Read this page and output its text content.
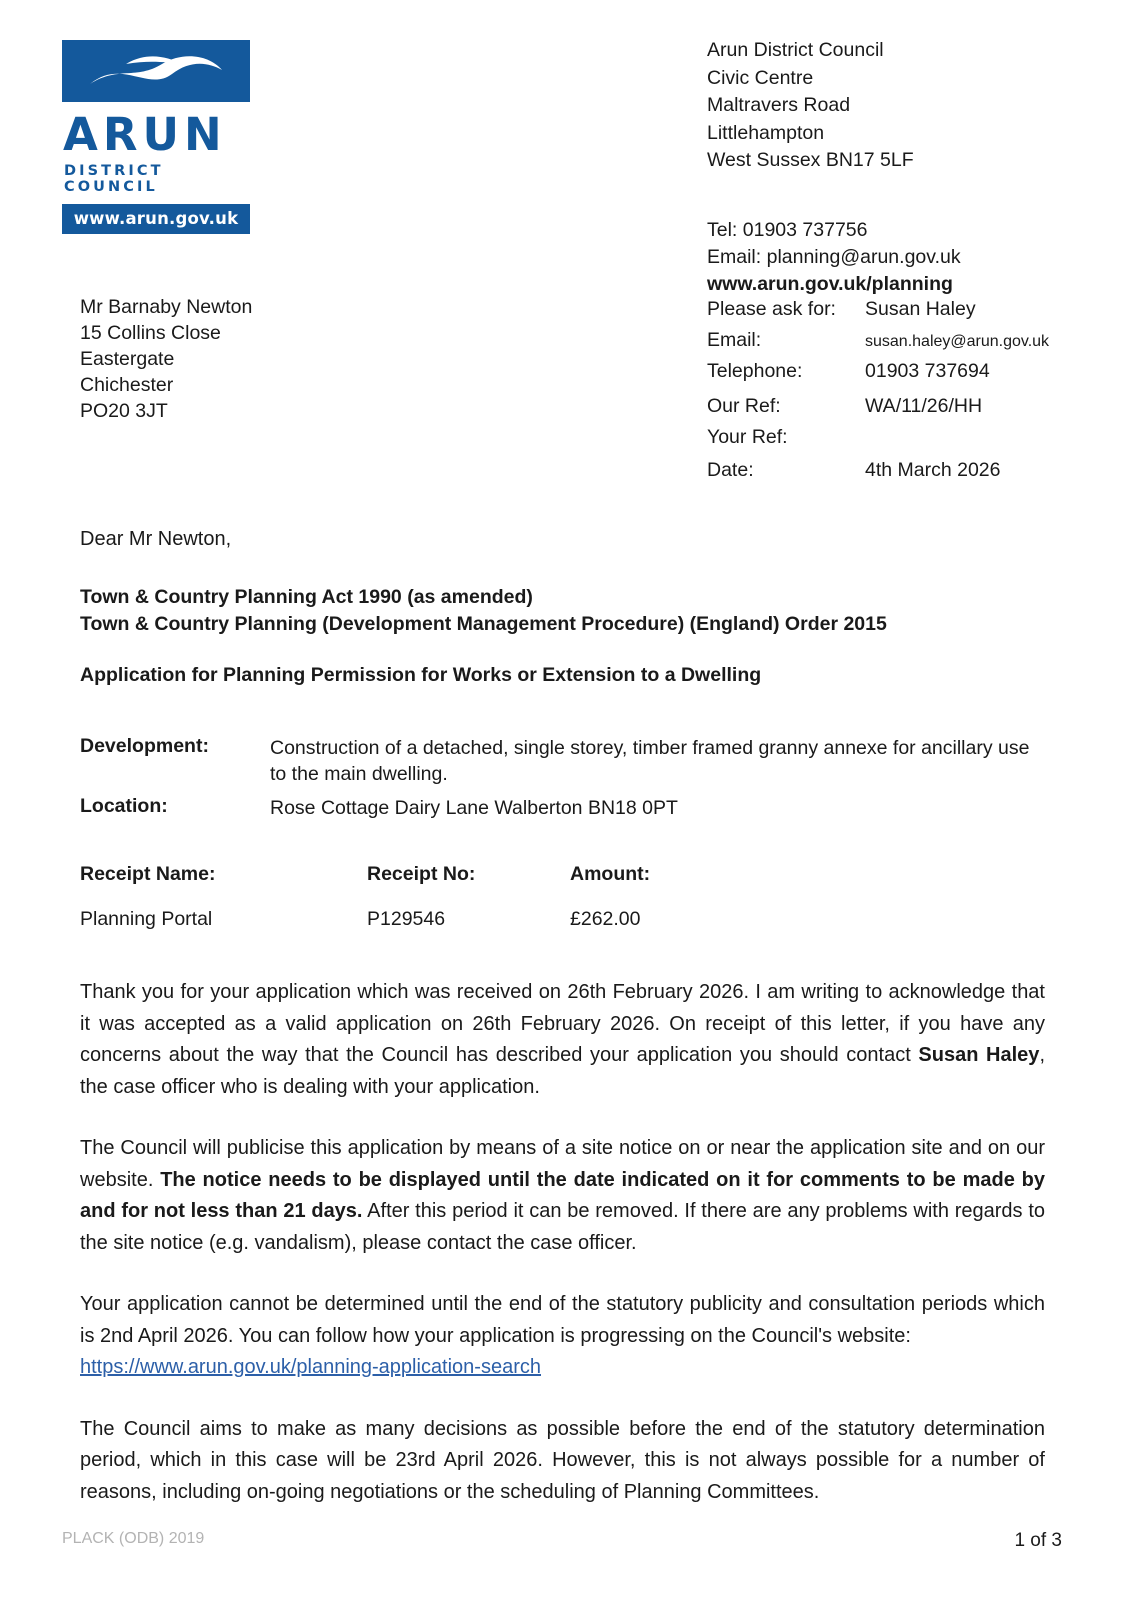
ARUN
DISTRICT COUNCIL
www.arun.gov.uk
Mr Barnaby Newton
15 Collins Close
Eastergate
Chichester
PO20 3JT
Arun District Council
Civic Centre
Maltravers Road
Littlehampton
West Sussex BN17 5LF
Tel: 01903 737756
Email: planning@arun.gov.uk
www.arun.gov.uk/planning
Please ask for:	Susan Haley
Email:	susan.haley@arun.gov.uk
Telephone:	01903 737694
Our Ref:	WA/11/26/HH
Your Ref:
Date:	4th March 2026
Dear Mr Newton,
Town & Country Planning Act 1990 (as amended)
Town & Country Planning (Development Management Procedure) (England) Order 2015
Application for Planning Permission for Works or Extension to a Dwelling
Development:	Construction of a detached, single storey, timber framed granny annexe for ancillary use to the main dwelling.
Location:	Rose Cottage Dairy Lane Walberton BN18 0PT
Receipt Name:	Receipt No:	Amount:
Planning Portal	P129546	£262.00
Thank you for your application which was received on 26th February 2026. I am writing to acknowledge that it was accepted as a valid application on 26th February 2026. On receipt of this letter, if you have any concerns about the way that the Council has described your application you should contact Susan Haley, the case officer who is dealing with your application.
The Council will publicise this application by means of a site notice on or near the application site and on our website. The notice needs to be displayed until the date indicated on it for comments to be made by and for not less than 21 days. After this period it can be removed. If there are any problems with regards to the site notice (e.g. vandalism), please contact the case officer.
Your application cannot be determined until the end of the statutory publicity and consultation periods which is 2nd April 2026. You can follow how your application is progressing on the Council's website:
https://www.arun.gov.uk/planning-application-search
The Council aims to make as many decisions as possible before the end of the statutory determination period, which in this case will be 23rd April 2026. However, this is not always possible for a number of reasons, including on-going negotiations or the scheduling of Planning Committees.
PLACK (ODB) 2019	1 of 3
